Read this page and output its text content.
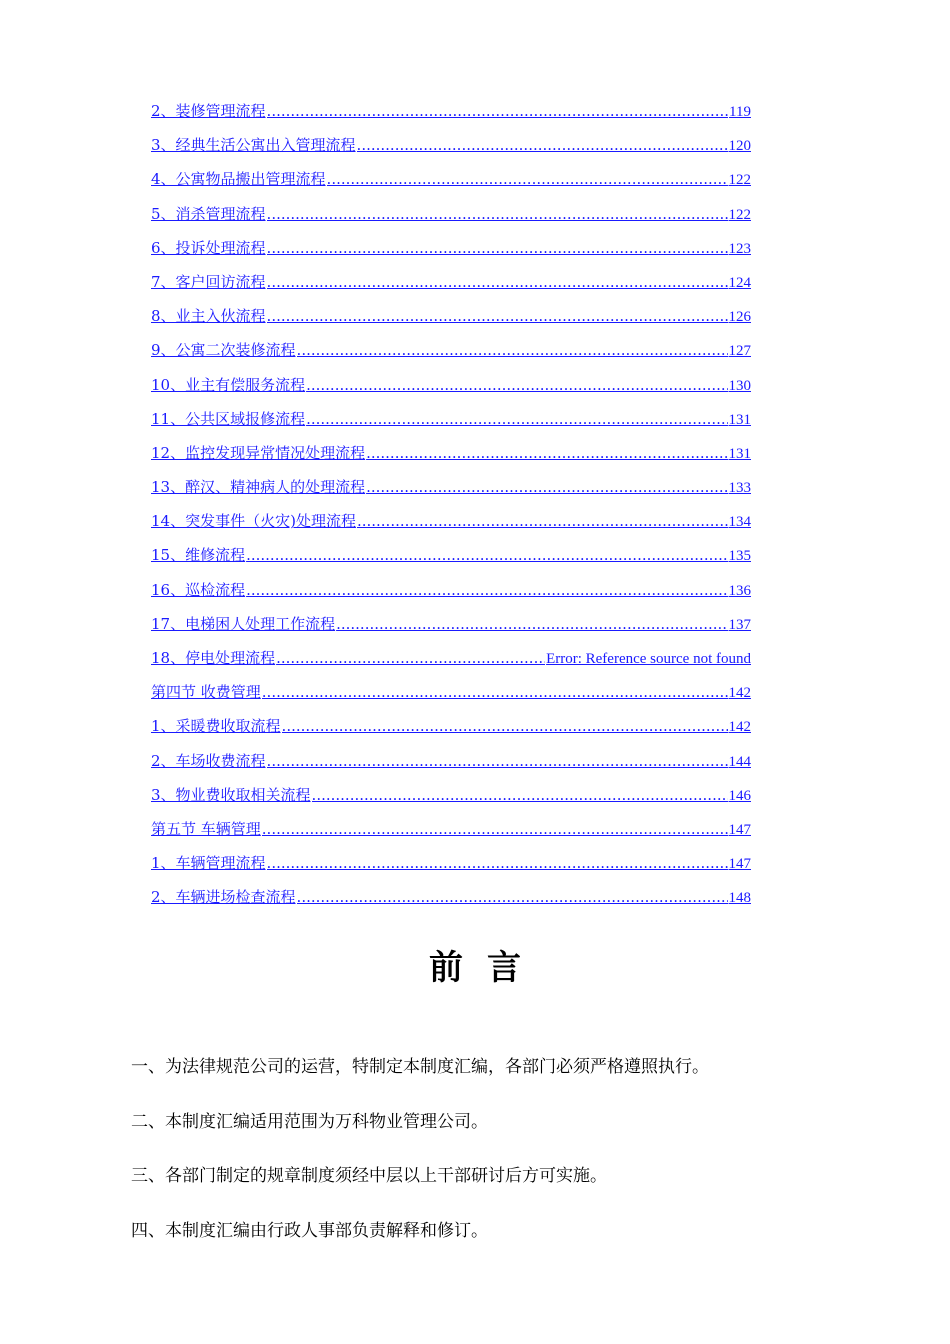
2、装修管理流程 .....	119
3、经典生活公寓出入管理流程 .....	120
4、公寓物品搬出管理流程 .....	122
5、消杀管理流程 .....	122
6、投诉处理流程 .....	123
7、客户回访流程 .....	124
8、业主入伙流程 .....	126
9、公寓二次装修流程 .....	127
10、业主有偿服务流程 .....	130
11、公共区域报修流程 .....	131
12、监控发现异常情况处理流程 .....	131
13、醉汉、精神病人的处理流程 .....	133
14、突发事件（火灾)处理流程 .....	134
15、维修流程 .....	135
16、巡检流程 .....	136
17、电梯困人处理工作流程 .....	137
18、停电处理流程 .....	Error: Reference source not found
第四节 收费管理 .....	142
1、采暖费收取流程 .....	142
2、车场收费流程 .....	144
3、物业费收取相关流程 .....	146
第五节 车辆管理 .....	147
1、车辆管理流程 .....	147
2、车辆进场检查流程 .....	148
前言
一、为法律规范公司的运营，特制定本制度汇编，各部门必须严格遵照执行。
二、本制度汇编适用范围为万科物业管理公司。
三、各部门制定的规章制度须经中层以上干部研讨后方可实施。
四、本制度汇编由行政人事部负责解释和修订。
